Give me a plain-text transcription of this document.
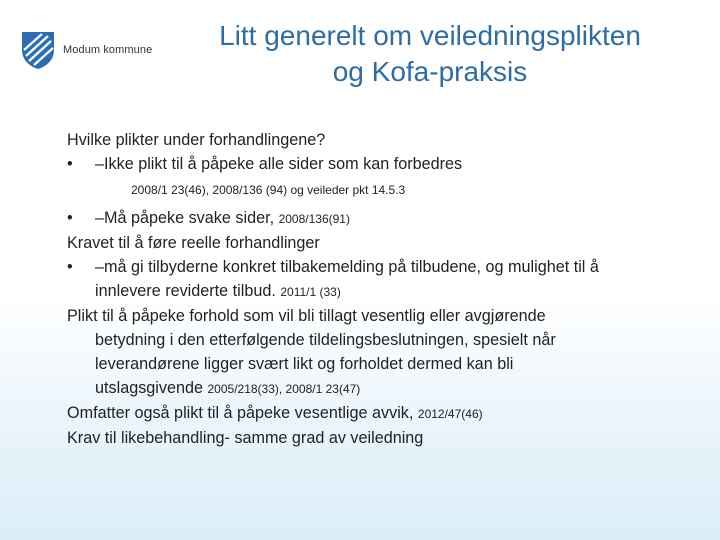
Modum kommune	Litt generelt om veiledningsplikten
og Kofa-praksis
Hvilke plikter under forhandlingene?
•	–Ikke plikt til å påpeke alle sider som kan forbedres
2008/1 23(46), 2008/136 (94) og veileder pkt 14.5.3
•	–Må påpeke svake sider, 2008/136(91)
Kravet til å føre reelle forhandlinger
•	–må gi tilbyderne konkret tilbakemelding på tilbudene, og mulighet til å
innlevere reviderte tilbud. 2011/1 (33)
Plikt til å påpeke forhold som vil bli tillagt vesentlig eller avgjørende
betydning i den etterfølgende tildelingsbeslutningen, spesielt når
leverandørene ligger svært likt og forholdet dermed kan bli
utslagsgivende 2005/218(33), 2008/1 23(47)
Omfatter også plikt til å påpeke vesentlige avvik, 2012/47(46)
Krav til likebehandling- samme grad av veiledning
